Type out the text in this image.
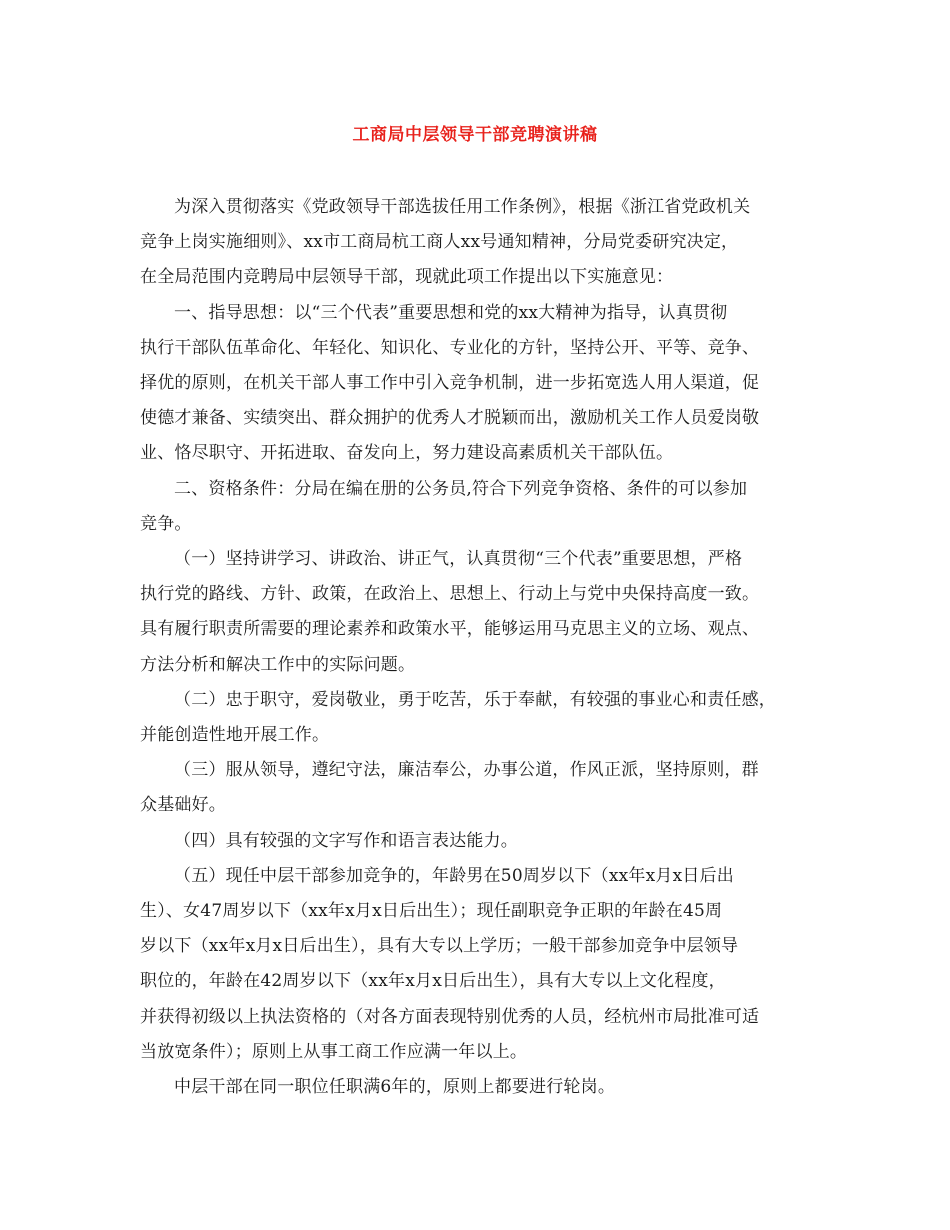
工商局中层领导干部竞聘演讲稿

为深入贯彻落实《党政领导干部选拔任用工作条例》，根据《浙江省党政机关
竞争上岗实施细则》、xx市工商局杭工商人xx号通知精神，分局党委研究决定，
在全局范围内竞聘局中层领导干部，现就此项工作提出以下实施意见：

一、指导思想：以“三个代表”重要思想和党的xx大精神为指导，认真贯彻
执行干部队伍革命化、年轻化、知识化、专业化的方针，坚持公开、平等、竞争、
择优的原则，在机关干部人事工作中引入竞争机制，进一步拓宽选人用人渠道，促
使德才兼备、实绩突出、群众拥护的优秀人才脱颖而出，激励机关工作人员爱岗敬
业、恪尽职守、开拓进取、奋发向上，努力建设高素质机关干部队伍。

二、资格条件：分局在编在册的公务员,符合下列竞争资格、条件的可以参加
竞争。

（一）坚持讲学习、讲政治、讲正气，认真贯彻“三个代表”重要思想，严格
执行党的路线、方针、政策，在政治上、思想上、行动上与党中央保持高度一致。
具有履行职责所需要的理论素养和政策水平，能够运用马克思主义的立场、观点、
方法分析和解决工作中的实际问题。

（二）忠于职守，爱岗敬业，勇于吃苦，乐于奉献，有较强的事业心和责任感，
并能创造性地开展工作。

（三）服从领导，遵纪守法，廉洁奉公，办事公道，作风正派，坚持原则，群
众基础好。

（四）具有较强的文字写作和语言表达能力。

（五）现任中层干部参加竞争的，年龄男在50周岁以下（xx年x月x日后出
生）、女47周岁以下（xx年x月x日后出生）；现任副职竞争正职的年龄在45周
岁以下（xx年x月x日后出生），具有大专以上学历；一般干部参加竞争中层领导
职位的，年龄在42周岁以下（xx年x月x日后出生），具有大专以上文化程度，
并获得初级以上执法资格的（对各方面表现特别优秀的人员，经杭州市局批准可适
当放宽条件）；原则上从事工商工作应满一年以上。

中层干部在同一职位任职满6年的，原则上都要进行轮岗。
